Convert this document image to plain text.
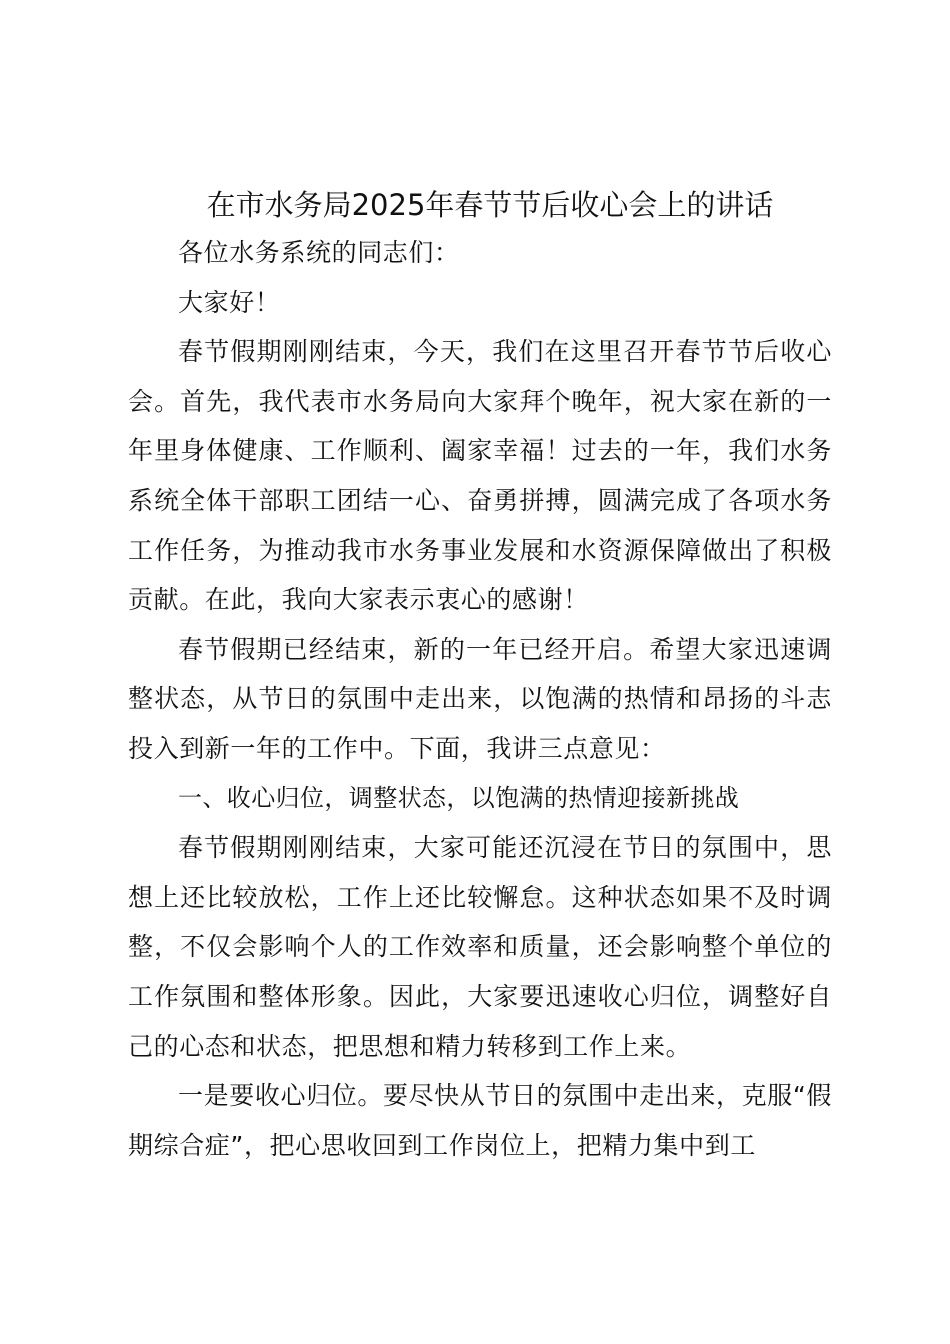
在市水务局2025年春节节后收心会上的讲话

各位水务系统的同志们：

大家好！

春节假期刚刚结束，今天，我们在这里召开春节节后收心会。首先，我代表市水务局向大家拜个晚年，祝大家在新的一年里身体健康、工作顺利、阖家幸福！过去的一年，我们水务系统全体干部职工团结一心、奋勇拼搏，圆满完成了各项水务工作任务，为推动我市水务事业发展和水资源保障做出了积极贡献。在此，我向大家表示衷心的感谢！

春节假期已经结束，新的一年已经开启。希望大家迅速调整状态，从节日的氛围中走出来，以饱满的热情和昂扬的斗志投入到新一年的工作中。下面，我讲三点意见：

一、收心归位，调整状态，以饱满的热情迎接新挑战

春节假期刚刚结束，大家可能还沉浸在节日的氛围中，思想上还比较放松，工作上还比较懈怠。这种状态如果不及时调整，不仅会影响个人的工作效率和质量，还会影响整个单位的工作氛围和整体形象。因此，大家要迅速收心归位，调整好自己的心态和状态，把思想和精力转移到工作上来。

一是要收心归位。要尽快从节日的氛围中走出来，克服“假期综合症”，把心思收回到工作岗位上，把精力集中到工
